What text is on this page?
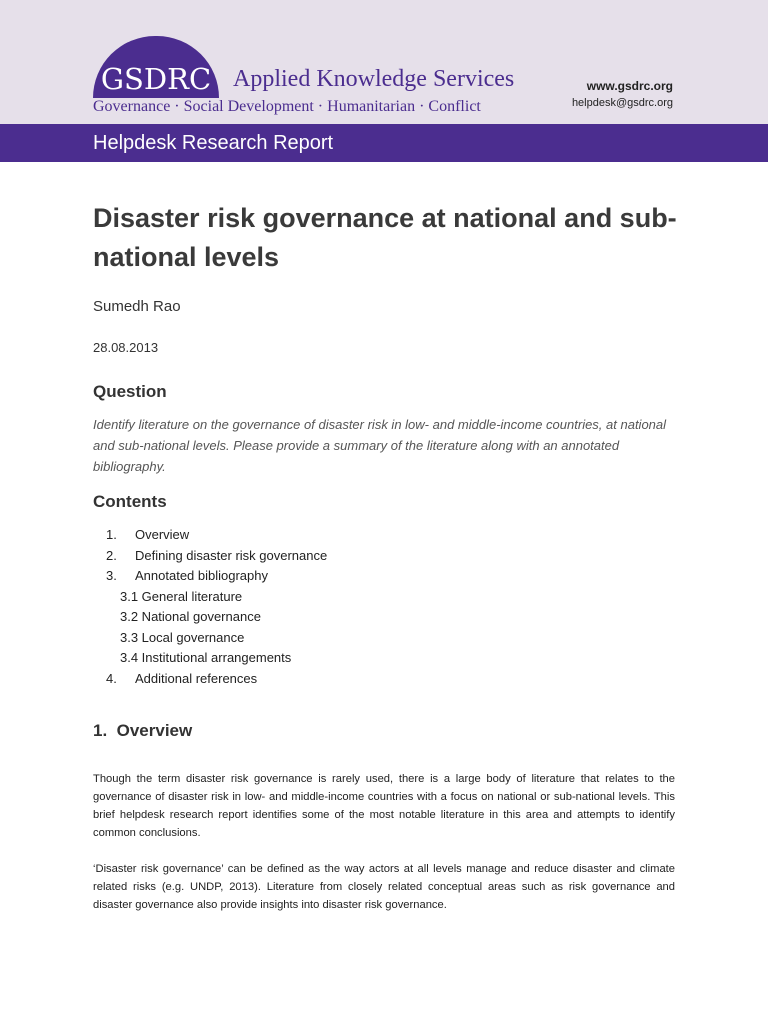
GSDRC Applied Knowledge Services
Governance · Social Development · Humanitarian · Conflict
www.gsdrc.org
helpdesk@gsdrc.org
Helpdesk Research Report
Disaster risk governance at national and sub-national levels
Sumedh Rao
28.08.2013
Question
Identify literature on the governance of disaster risk in low- and middle-income countries, at national and sub-national levels. Please provide a summary of the literature along with an annotated bibliography.
Contents
1. Overview
2. Defining disaster risk governance
3. Annotated bibliography
3.1 General literature
3.2 National governance
3.3 Local governance
3.4 Institutional arrangements
4. Additional references
1.  Overview
Though the term disaster risk governance is rarely used, there is a large body of literature that relates to the governance of disaster risk in low- and middle-income countries with a focus on national or sub-national levels. This brief helpdesk research report identifies some of the most notable literature in this area and attempts to identify common conclusions.
‘Disaster risk governance’ can be defined as the way actors at all levels manage and reduce disaster and climate related risks (e.g. UNDP, 2013). Literature from closely related conceptual areas such as risk governance and disaster governance also provide insights into disaster risk governance.
